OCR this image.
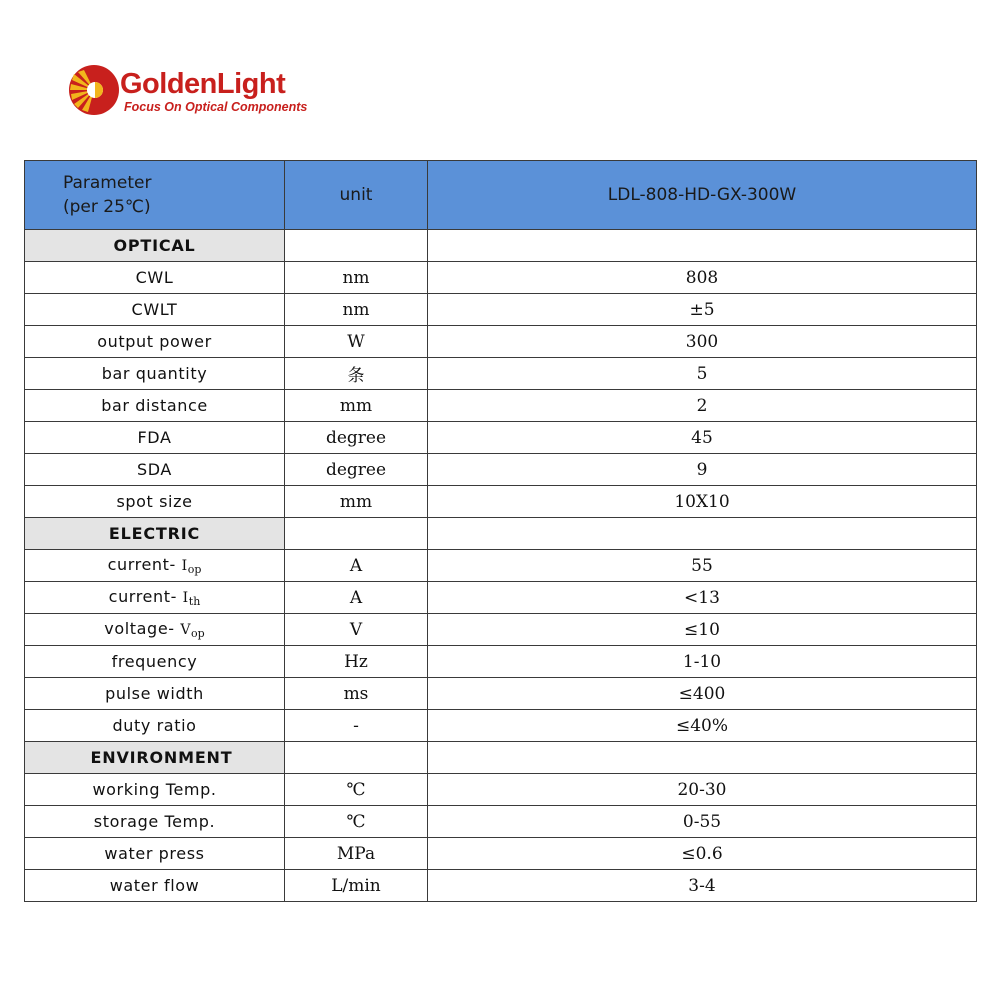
GoldenLight
Focus On Optical Components
Parameter
(per 25℃)	unit	LDL-808-HD-GX-300W
OPTICAL		
CWL	nm	808
CWLT	nm	±5
output power	W	300
bar quantity	条	5
bar distance	mm	2
FDA	degree	45
SDA	degree	9
spot size	mm	10X10
ELECTRIC		
current- $I_{op}$	A	55
current- $I_{th}$	A	<13
voltage- $V_{op}$	V	≤10
frequency	Hz	1-10
pulse width	ms	≤400
duty ratio	-	≤40%
ENVIRONMENT		
working Temp.	℃	20-30
storage Temp.	℃	0-55
water press	MPa	≤0.6
water flow	L/min	3-4
